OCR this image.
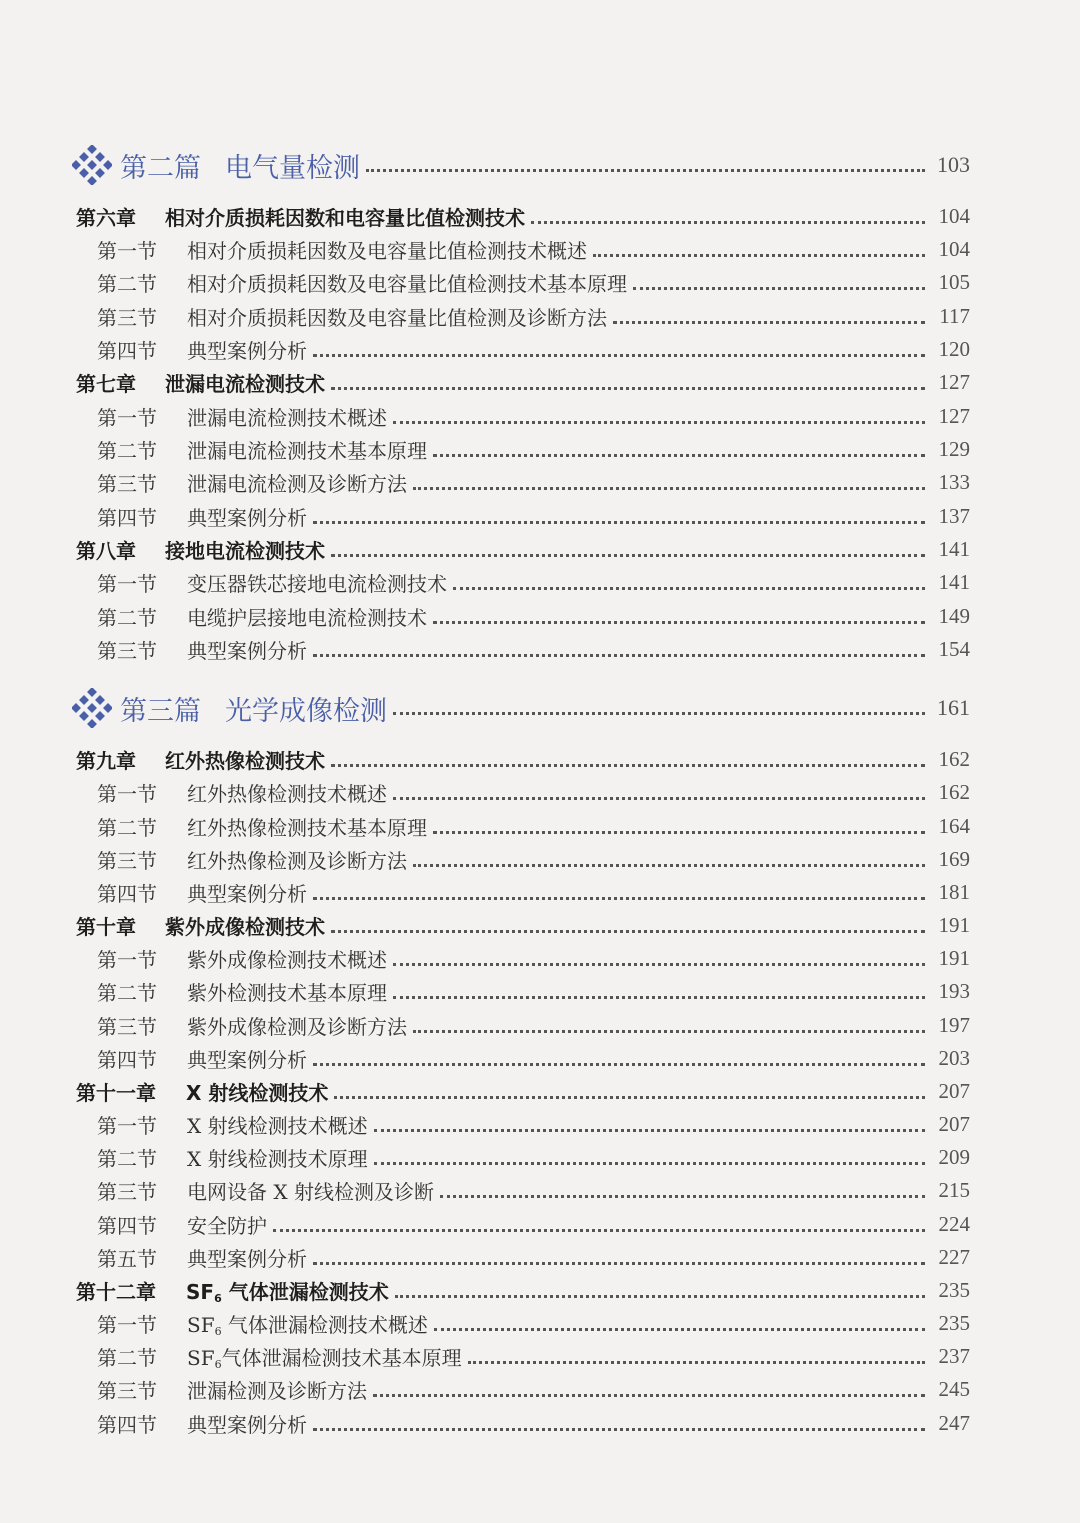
第二篇 电气量检测	103
第六章 相对介质损耗因数和电容量比值检测技术	104
第一节 相对介质损耗因数及电容量比值检测技术概述	104
第二节 相对介质损耗因数及电容量比值检测技术基本原理	105
第三节 相对介质损耗因数及电容量比值检测及诊断方法	117
第四节 典型案例分析	120
第七章 泄漏电流检测技术	127
第一节 泄漏电流检测技术概述	127
第二节 泄漏电流检测技术基本原理	129
第三节 泄漏电流检测及诊断方法	133
第四节 典型案例分析	137
第八章 接地电流检测技术	141
第一节 变压器铁芯接地电流检测技术	141
第二节 电缆护层接地电流检测技术	149
第三节 典型案例分析	154
第三篇 光学成像检测	161
第九章 红外热像检测技术	162
第一节 红外热像检测技术概述	162
第二节 红外热像检测技术基本原理	164
第三节 红外热像检测及诊断方法	169
第四节 典型案例分析	181
第十章 紫外成像检测技术	191
第一节 紫外成像检测技术概述	191
第二节 紫外检测技术基本原理	193
第三节 紫外成像检测及诊断方法	197
第四节 典型案例分析	203
第十一章 X 射线检测技术	207
第一节 X 射线检测技术概述	207
第二节 X 射线检测技术原理	209
第三节 电网设备 X 射线检测及诊断	215
第四节 安全防护	224
第五节 典型案例分析	227
第十二章 $SF_6$ 气体泄漏检测技术	235
第一节 $SF_6$ 气体泄漏检测技术概述	235
第二节 $SF_6$气体泄漏检测技术基本原理	237
第三节 泄漏检测及诊断方法	245
第四节 典型案例分析	247
